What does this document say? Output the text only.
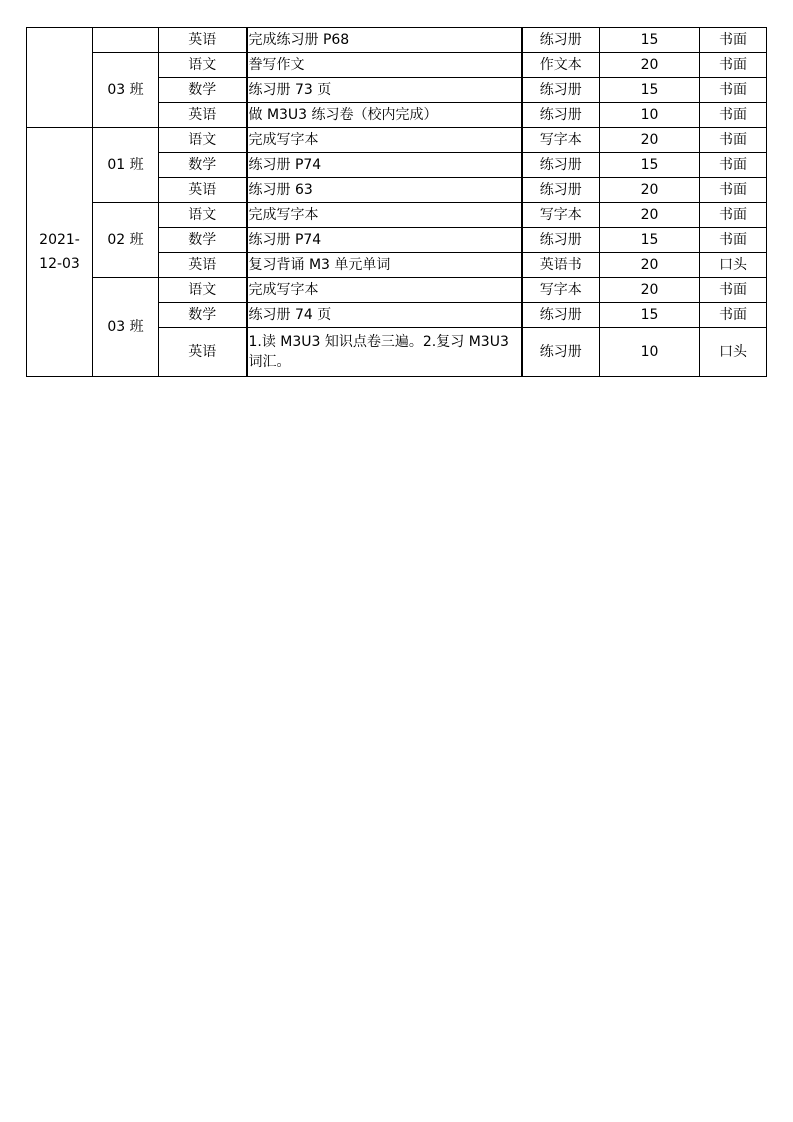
		英语	完成练习册 P68	练习册	15	书面
	03 班	语文	誊写作文	作文本	20	书面
		数学	练习册 73 页	练习册	15	书面
		英语	做 M3U3 练习卷（校内完成）	练习册	10	书面
2021-12-03	01 班	语文	完成写字本	写字本	20	书面
		数学	练习册 P74	练习册	15	书面
		英语	练习册 63	练习册	20	书面
	02 班	语文	完成写字本	写字本	20	书面
		数学	练习册 P74	练习册	15	书面
		英语	复习背诵 M3 单元单词	英语书	20	口头
	03 班	语文	完成写字本	写字本	20	书面
		数学	练习册 74 页	练习册	15	书面
		英语	1.读 M3U3 知识点卷三遍。2.复习 M3U3 词汇。	练习册	10	口头
